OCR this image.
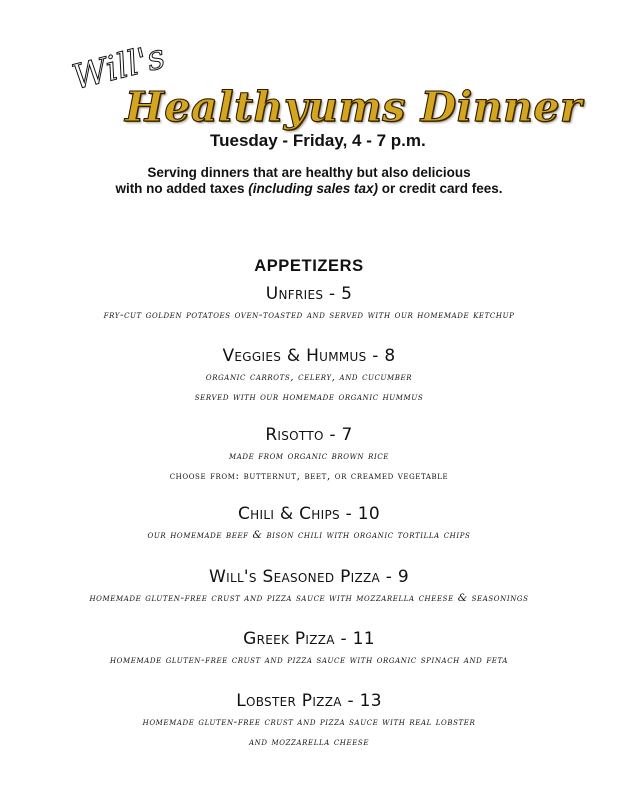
Will's
Healthyums Dinner
Tuesday - Friday, 4 - 7 p.m.
Serving dinners that are healthy but also delicious
with no added taxes (including sales tax) or credit card fees.
APPETIZERS
Unfries - 5
fry-cut golden potatoes oven-toasted and served with our homemade ketchup
Veggies & Hummus - 8
organic carrots, celery, and cucumber
served with our homemade organic hummus
Risotto - 7
made from organic brown rice
choose from: butternut, beet, or creamed vegetable
Chili & Chips - 10
our homemade beef & bison chili with organic tortilla chips
Will's Seasoned Pizza - 9
homemade gluten-free crust and pizza sauce with mozzarella cheese & seasonings
Greek Pizza - 11
homemade gluten-free crust and pizza sauce with organic spinach and feta
Lobster Pizza - 13
homemade gluten-free crust and pizza sauce with real lobster
and mozzarella cheese
